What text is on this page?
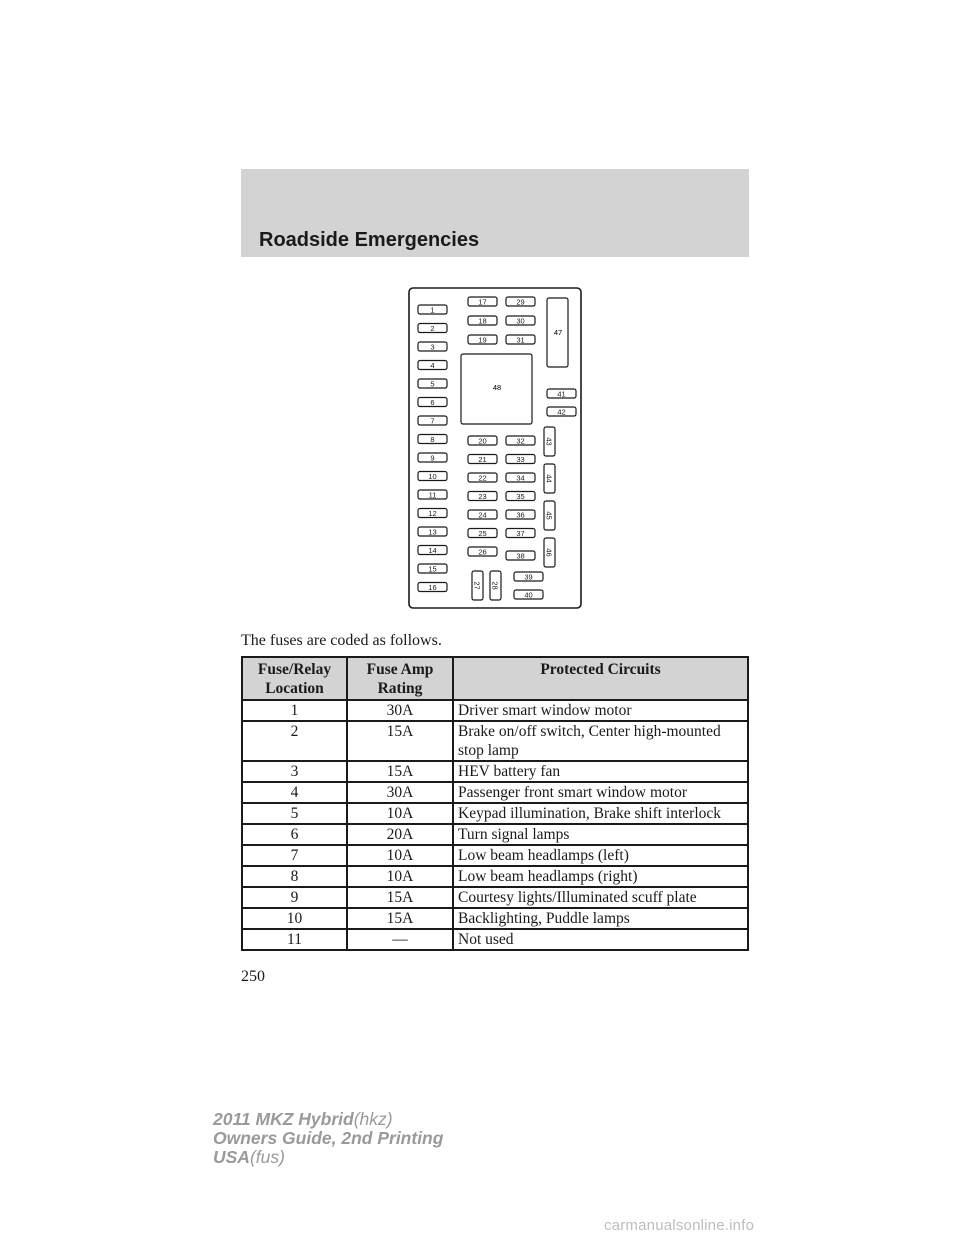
Roadside Emergencies
1
2
3
4
5
6
7
8
9
10
11
12
13
14
15
16
17	29
18	30
19	31
47
48
41
42
20	32
21	33
22	34
23	35
24	36
25	37
26	38
43
44
45
46
27 28
39
40
The fuses are coded as follows.
Fuse/Relay Location	Fuse Amp Rating	Protected Circuits
1	30A	Driver smart window motor
2	15A	Brake on/off switch, Center high-mounted stop lamp
3	15A	HEV battery fan
4	30A	Passenger front smart window motor
5	10A	Keypad illumination, Brake shift interlock
6	20A	Turn signal lamps
7	10A	Low beam headlamps (left)
8	10A	Low beam headlamps (right)
9	15A	Courtesy lights/Illuminated scuff plate
10	15A	Backlighting, Puddle lamps
11	—	Not used
250
2011 MKZ Hybrid(hkz)
Owners Guide, 2nd Printing
USA(fus)
carmanualsonline.info
